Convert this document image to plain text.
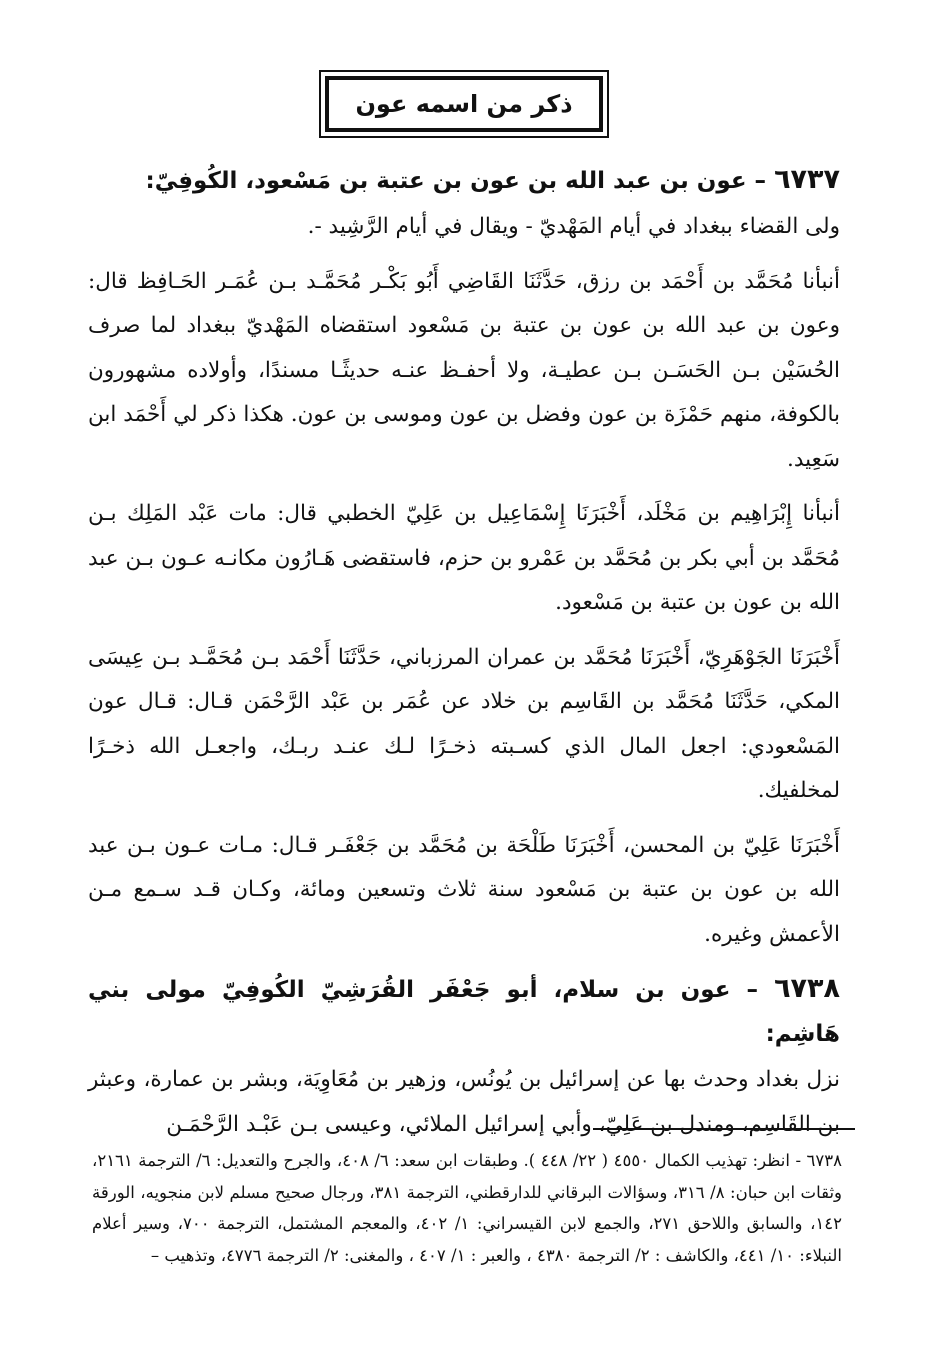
ذكر من اسمه عون
٦٧٣٧ – عون بن عبد الله بن عون بن عتبة بن مَسْعود، الكُوفِيّ:

ولى القضاء ببغداد في أيام المَهْديّ - ويقال في أيام الرَّشِيد -.

أنبأنا مُحَمَّد بن أَحْمَد بن رزق، حَدَّثَنَا القَاضِي أَبُو بَكْـر مُحَمَّـد بـن عُمَـر الحَـافِظ قال: وعون بن عبد الله بن عون بن عتبة بن مَسْعود استقضاه المَهْديّ ببغداد لما صرف الحُسَيْن بـن الحَسَـن بـن عطيـة، ولا أحفـظ عنـه حديثًـا مسندًا، وأولاده مشهورون بالكوفة، منهم حَمْزَة بن عون وفضل بن عون وموسى بن عون. هكذا ذكر لي أَحْمَد ابن سَعِيد.

أنبأنا إِبْرَاهِيم بن مَخْلَد، أَخْبَرَنَا إِسْمَاعِيل بن عَلِيّ الخطبي قال: مات عَبْد المَلِك بـن مُحَمَّد بن أبي بكر بن مُحَمَّد بن عَمْرو بن حزم، فاستقضى هَـارُون مكانـه عـون بـن عبد الله بن عون بن عتبة بن مَسْعود.

أَخْبَرَنَا الجَوْهَرِيّ، أَخْبَرَنَا مُحَمَّد بن عمران المرزباني، حَدَّثَنَا أَحْمَد بـن مُحَمَّـد بـن عِيسَى المكي، حَدَّثَنَا مُحَمَّد بن القَاسِم بن خلاد عن عُمَر بن عَبْد الرَّحْمَن قـال: قـال عون المَسْعودي: اجعل المال الذي كسـبته ذخـرًا لـك عنـد ربـك، واجعـل الله ذخـرًا لمخلفيك.

أَخْبَرَنَا عَلِيّ بن المحسن، أَخْبَرَنَا طَلْحَة بن مُحَمَّد بن جَعْفَـر قـال: مـات عـون بـن عبد الله بن عون بن عتبة بن مَسْعود سنة ثلاث وتسعين ومائة، وكـان قـد سـمع مـن الأعمش وغيره.

٦٧٣٨ – عون بن سلام، أبو جَعْفَر القُرَشِيّ الكُوفِيّ مولى بني هَاشِم:

نزل بغداد وحدث بها عن إسرائيل بن يُونُس، وزهير بن مُعَاوِيَة، وبشر بن عمارة، وعبثر بن القَاسِم، ومندل بن عَلِيّ، وأبي إسرائيل الملائي، وعيسى بـن عَبْـد الرَّحْمَـن

٦٧٣٨ - انظر: تهذيب الكمال ٤٥٥٠ ( ٢٢/ ٤٤٨ ). وطبقات ابن سعد: ٦/ ٤٠٨، والجرح والتعديل: ٦/ الترجمة ٢١٦١، وثقات ابن حبان: ٨/ ٣١٦، وسؤالات البرقاني للدارقطني، الترجمة ٣٨١، ورجال صحيح مسلم لابن منجويه، الورقة ١٤٢، والسابق واللاحق ٢٧١، والجمع لابن القيسراني: ١/ ٤٠٢، والمعجم المشتمل، الترجمة ٧٠٠، وسير أعلام النبلاء: ١٠/ ٤٤١، والكاشف : ٢/ الترجمة ٤٣٨٠ ، والعبر : ١/ ٤٠٧ ، والمغنى: ٢/ الترجمة ٤٧٧٦، وتذهيب –
